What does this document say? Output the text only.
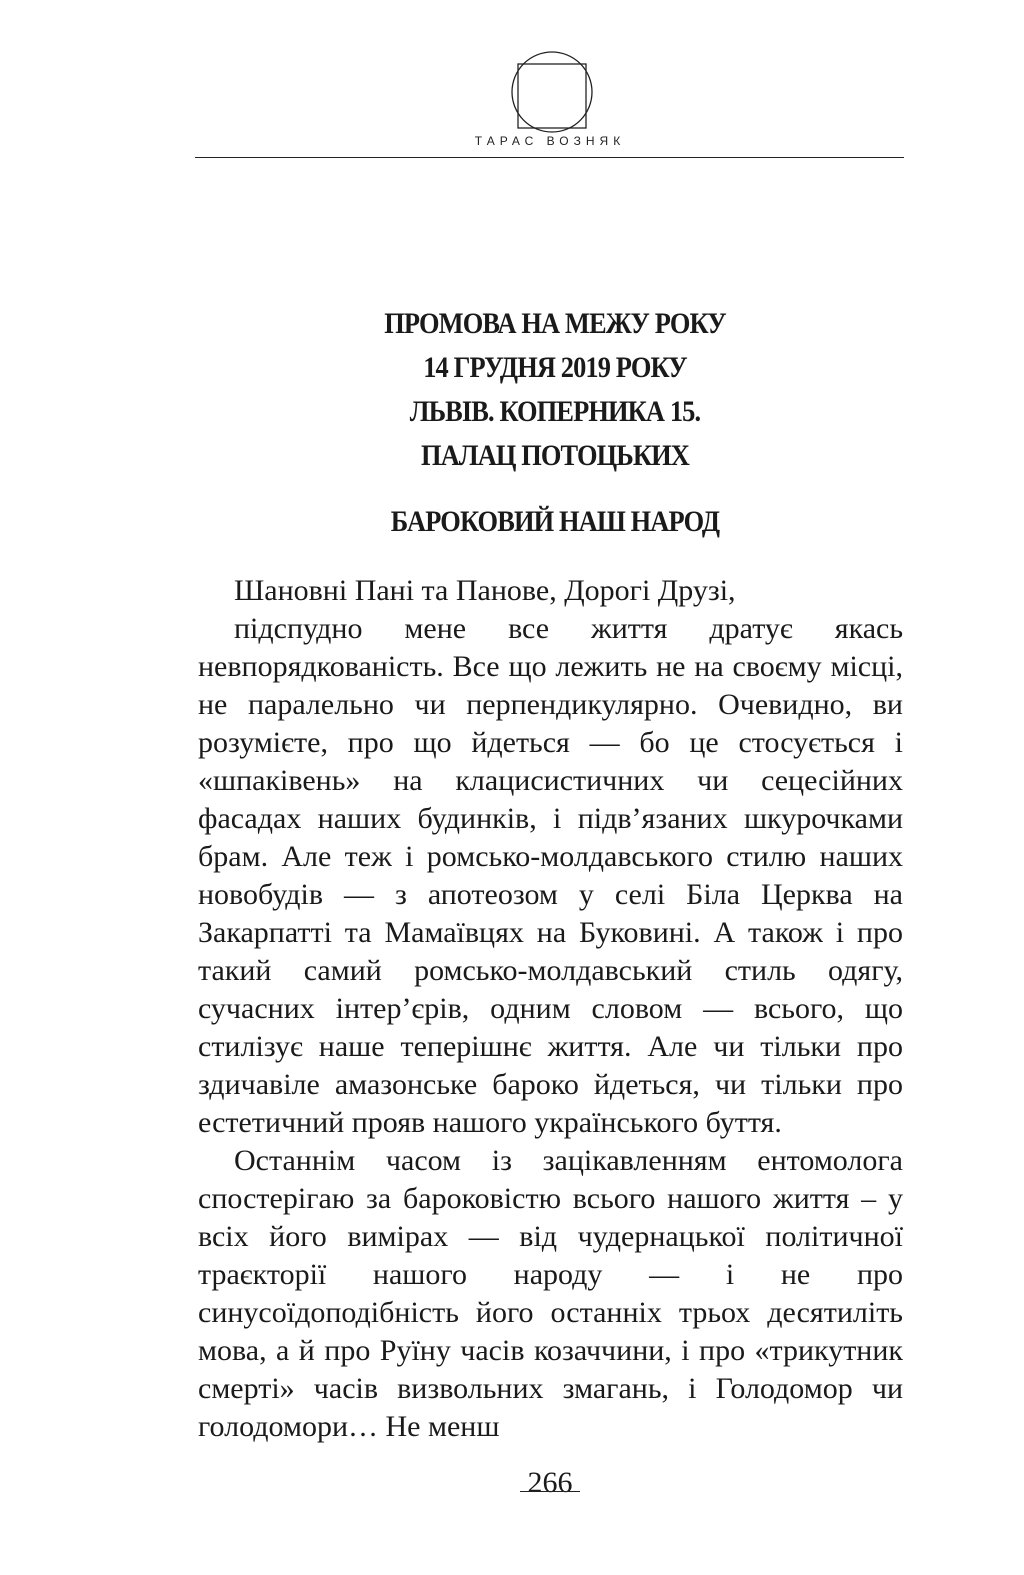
ТАРАС ВОЗНЯК
ПРОМОВА НА МЕЖУ РОКУ
14 ГРУДНЯ 2019 РОКУ
ЛЬВІВ. КОПЕРНИКА 15.
ПАЛАЦ ПОТОЦЬКИХ
БАРОКОВИЙ НАШ НАРОД

Шановні Пані та Панове, Дорогі Друзі,

підспудно мене все життя дратує якась невпорядкованість. Все що лежить не на своєму місці, не паралельно чи перпендикулярно. Очевидно, ви розумієте, про що йдеться — бо це стосується і «шпаківень» на клацисистичних чи сецесійних фасадах наших будинків, і підв’язаних шкурочками брам. Але теж і ромсько-молдавського стилю наших новобудів — з апотеозом у селі Біла Церква на Закарпатті та Мамаївцях на Буковині. А також і про такий самий ромсько-молдавський стиль одягу, сучасних інтер’єрів, одним словом — всього, що стилізує наше теперішнє життя. Але чи тільки про здичавіле амазонське бароко йдеться, чи тільки про естетичний прояв нашого українського буття.

Останнім часом із зацікавленням ентомолога спостерігаю за бароковістю всього нашого життя – у всіх його вимірах — від чудернацької політичної траєкторії нашого народу — і не про синусоїдоподібність його останніх трьох десятиліть мова, а й про Руїну часів козаччини, і про «трикутник смерті» часів визвольних змагань, і Голодомор чи голодомори… Не менш

266
